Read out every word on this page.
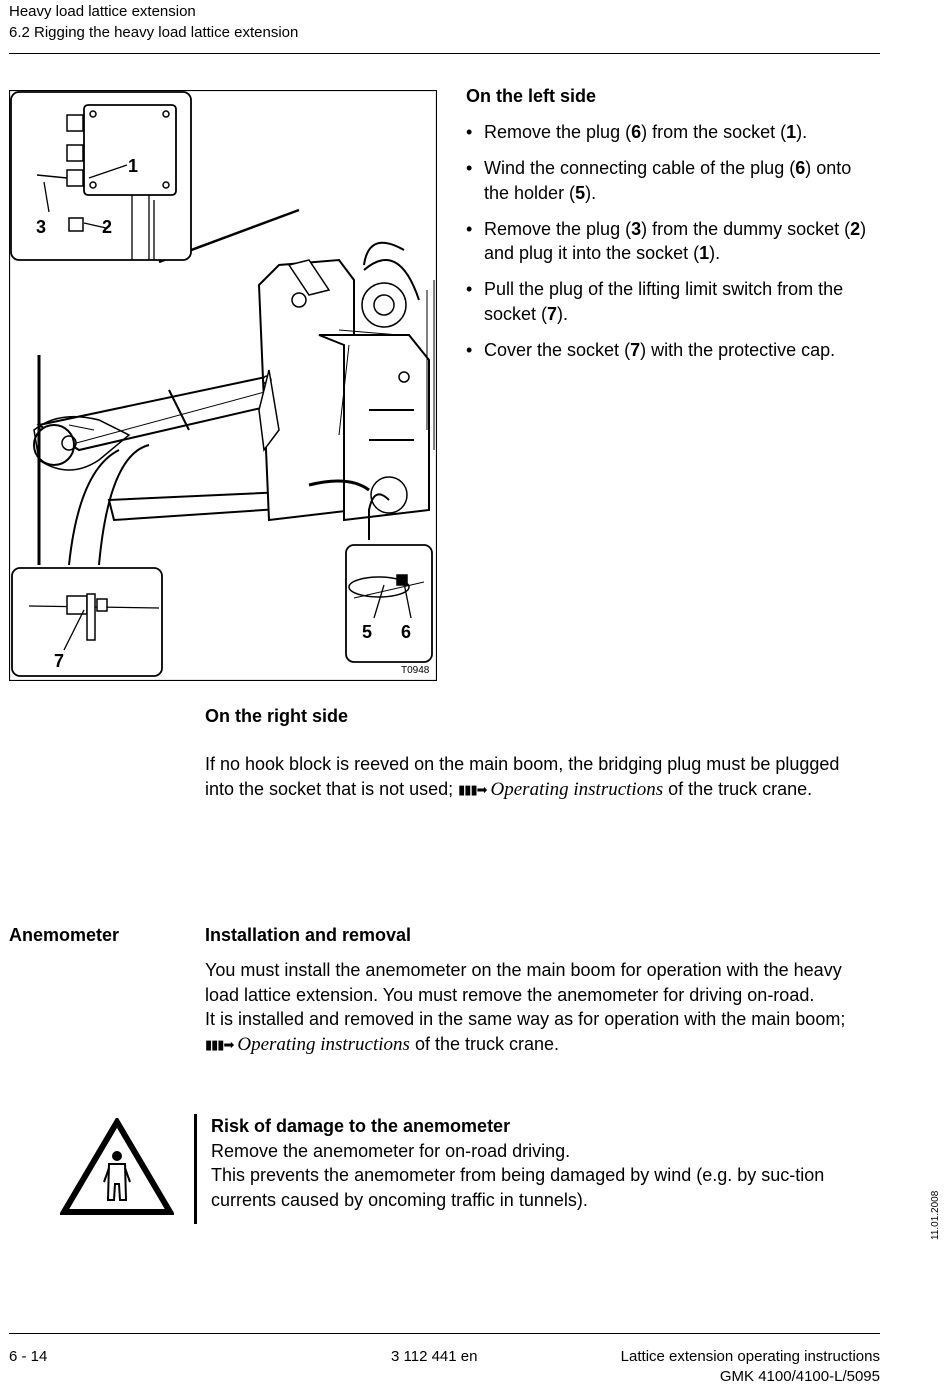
Heavy load lattice extension
6.2 Rigging the heavy load lattice extension
1
2
3
5 6
7	T0948
On the left side
• Remove the plug (6) from the socket (1).
• Wind the connecting cable of the plug (6) onto the holder (5).
• Remove the plug (3) from the dummy socket (2) and plug it into the socket (1).
• Pull the plug of the lifting limit switch from the socket (7).
• Cover the socket (7) with the protective cap.
On the right side
If no hook block is reeved on the main boom, the bridging plug must be plugged into the socket that is not used; ▮▮▮➡ Operating instructions of the truck crane.
Anemometer	Installation and removal
You must install the anemometer on the main boom for operation with the heavy load lattice extension. You must remove the anemometer for driving on-road.
It is installed and removed in the same way as for operation with the main boom; ▮▮▮➡ Operating instructions of the truck crane.
Risk of damage to the anemometer
Remove the anemometer for on-road driving.
This prevents the anemometer from being damaged by wind (e.g. by suc-tion currents caused by oncoming traffic in tunnels).	11.01.2008
6 - 14	3 112 441 en	Lattice extension operating instructions
GMK 4100/4100-L/5095
